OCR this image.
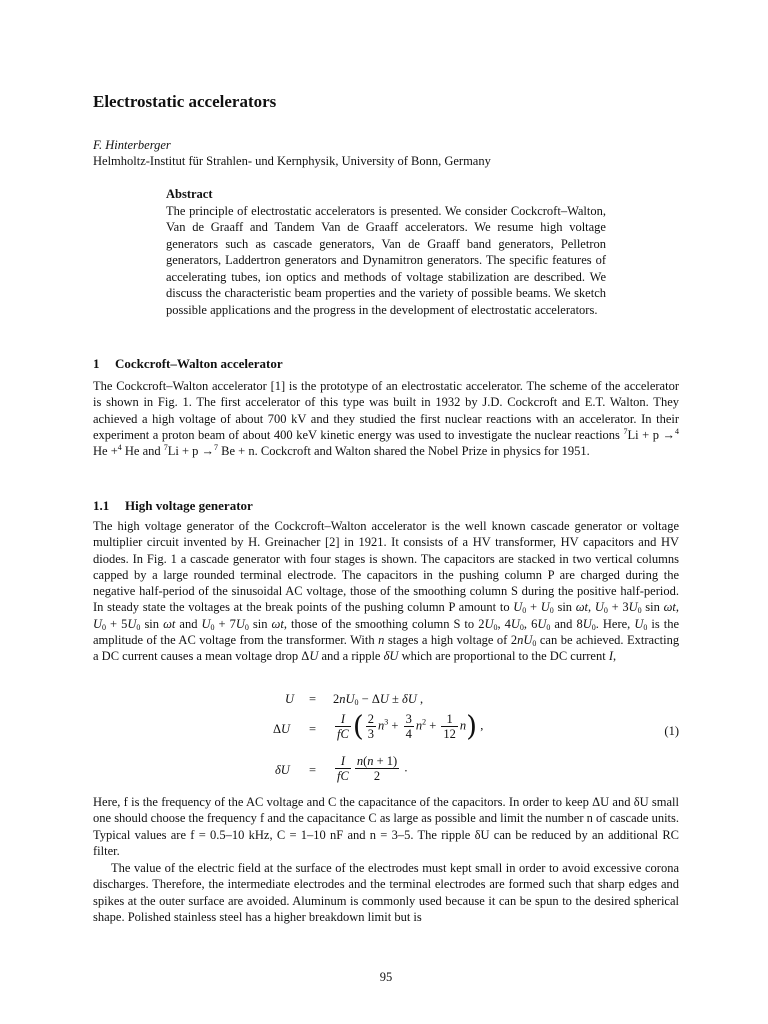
Electrostatic accelerators
F. Hinterberger
Helmholtz-Institut für Strahlen- und Kernphysik, University of Bonn, Germany
Abstract
The principle of electrostatic accelerators is presented. We consider Cockcroft–Walton, Van de Graaff and Tandem Van de Graaff accelerators. We resume high voltage generators such as cascade generators, Van de Graaff band generators, Pelletron generators, Laddertron generators and Dynamitron generators. The specific features of accelerating tubes, ion optics and methods of voltage stabilization are described. We discuss the characteristic beam properties and the variety of possible beams. We sketch possible applications and the progress in the development of electrostatic accelerators.
1 Cockcroft–Walton accelerator
The Cockcroft–Walton accelerator [1] is the prototype of an electrostatic accelerator. The scheme of the accelerator is shown in Fig. 1. The first accelerator of this type was built in 1932 by J.D. Cockcroft and E.T. Walton. They achieved a high voltage of about 700 kV and they studied the first nuclear reactions with an accelerator. In their experiment a proton beam of about 400 keV kinetic energy was used to investigate the nuclear reactions $^7$Li + p →$^4$ He +$^4$ He and $^7$Li + p →$^7$ Be + n. Cockcroft and Walton shared the Nobel Prize in physics for 1951.
1.1 High voltage generator
The high voltage generator of the Cockcroft–Walton accelerator is the well known cascade generator or voltage multiplier circuit invented by H. Greinacher [2] in 1921. It consists of a HV transformer, HV capacitors and HV diodes. In Fig. 1 a cascade generator with four stages is shown. The capacitors are stacked in two vertical columns capped by a large rounded terminal electrode. The capacitors in the pushing column P are charged during the negative half-period of the sinusoidal AC voltage, those of the smoothing column S during the positive half-period. In steady state the voltages at the break points of the pushing column P amount to $U_0 + U_0$ sin ωt, $U_0 + 3U_0$ sin ωt, $U_0 + 5U_0$ sin ωt and $U_0 + 7U_0$ sin ωt, those of the smoothing column S to $2U_0$, $4U_0$, $6U_0$ and $8U_0$. Here, $U_0$ is the amplitude of the AC voltage from the transformer. With n stages a high voltage of $2nU_0$ can be achieved. Extracting a DC current causes a mean voltage drop ΔU and a ripple δU which are proportional to the DC current I,
$U = 2nU_0 - \Delta U \pm \delta U$ ,
$\Delta U = \frac{I}{fC}$ ( $\frac{2}{3} n^3 + \frac{3}{4} n^2 + \frac{1}{12} n$) ,
$\delta U = \frac{I}{fC} \frac{n(n + 1)}{2}$ .
(1)
Here, f is the frequency of the AC voltage and C the capacitance of the capacitors. In order to keep ΔU and δU small one should choose the frequency f and the capacitance C as large as possible and limit the number n of cascade units. Typical values are f = 0.5–10 kHz, C = 1–10 nF and n = 3–5. The ripple δU can be reduced by an additional RC filter.
The value of the electric field at the surface of the electrodes must kept small in order to avoid excessive corona discharges. Therefore, the intermediate electrodes and the terminal electrodes are formed such that sharp edges and spikes at the outer surface are avoided. Aluminum is commonly used because it can be spun to the desired spherical shape. Polished stainless steel has a higher breakdown limit but is
95
